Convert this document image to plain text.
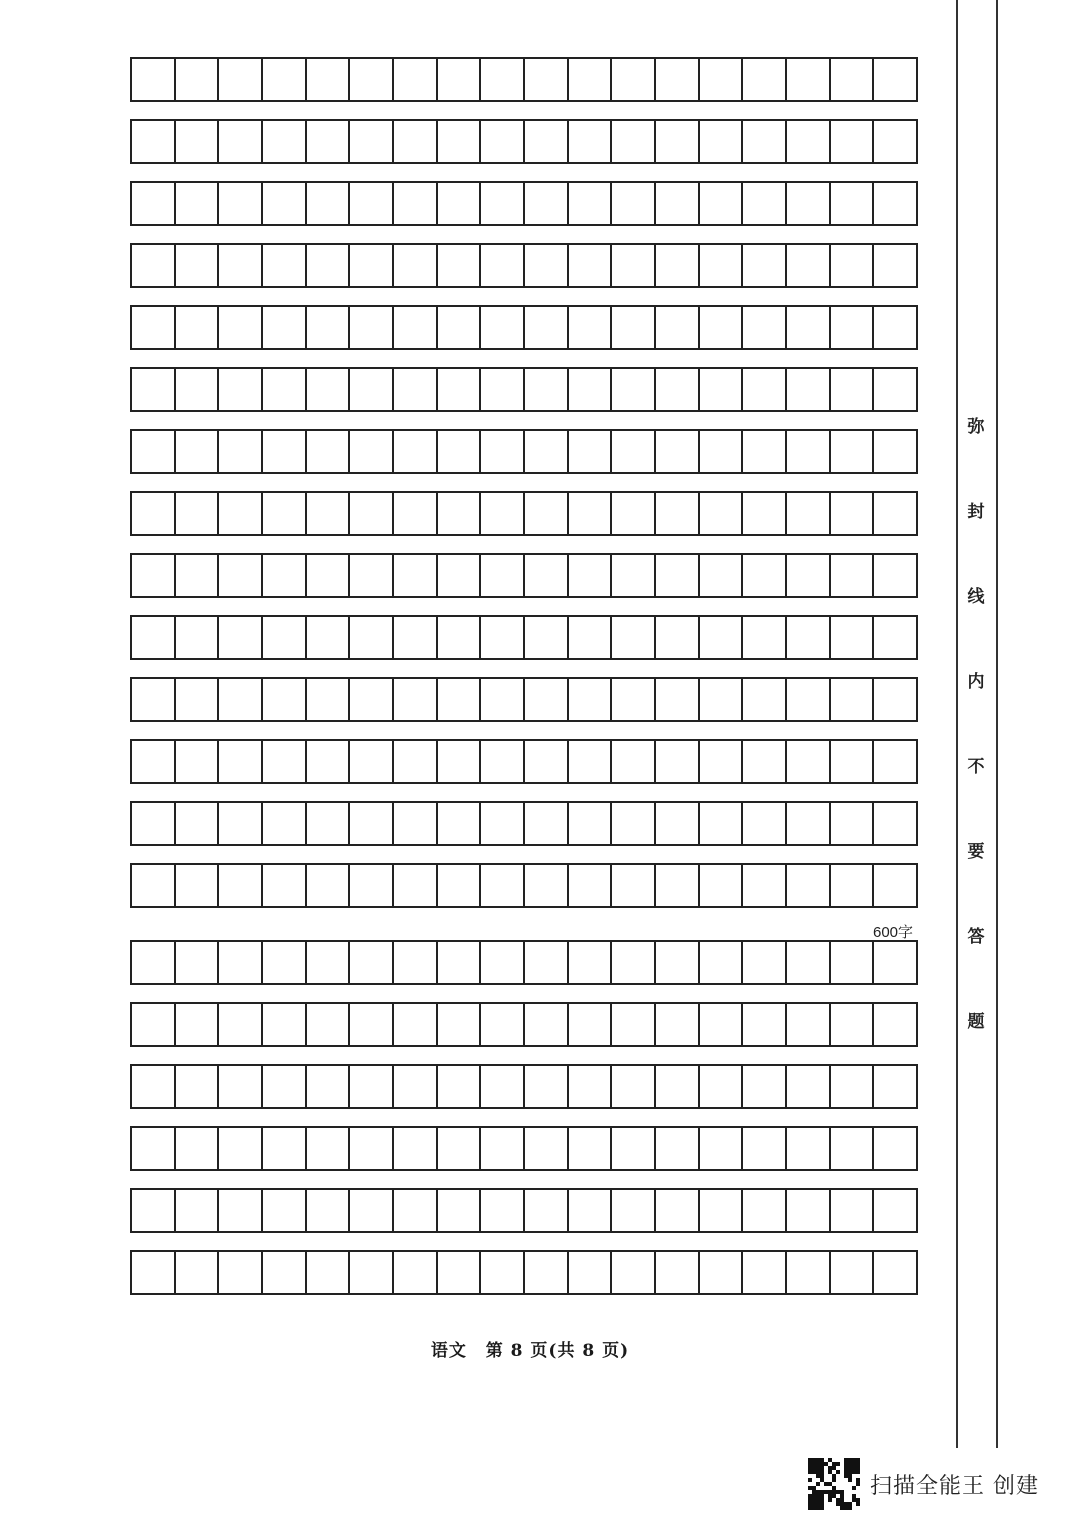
600字
弥
封
线
内
不
要
答
题
语文 第 8 页(共 8 页)
扫描全能王 创建
